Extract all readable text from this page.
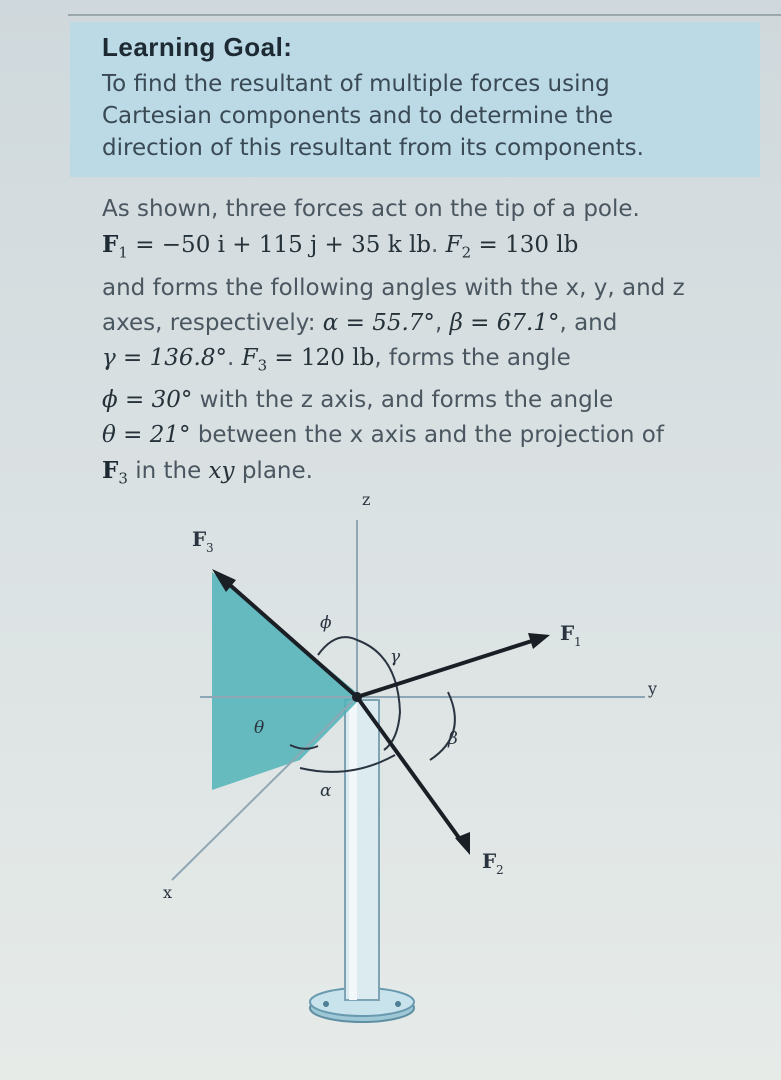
Learning Goal:
To find the resultant of multiple forces using
Cartesian components and to determine the
direction of this resultant from its components.
As shown, three forces act on the tip of a pole.
$F_1 = -50$ i + 115 j + 35 k lb. $F_2 = 130$ lb
and forms the following angles with the x, y, and z
axes, respectively: α = 55.7°, β = 67.1°, and
γ = 136.8°. $F_3 = 120$ lb, forms the angle
ϕ = 30° with the z axis, and forms the angle
θ = 21° between the x axis and the projection of
$F_3$ in the xy plane.
z
y
x
F 3
F 1
F 2
ϕ
γ
θ
β
α
